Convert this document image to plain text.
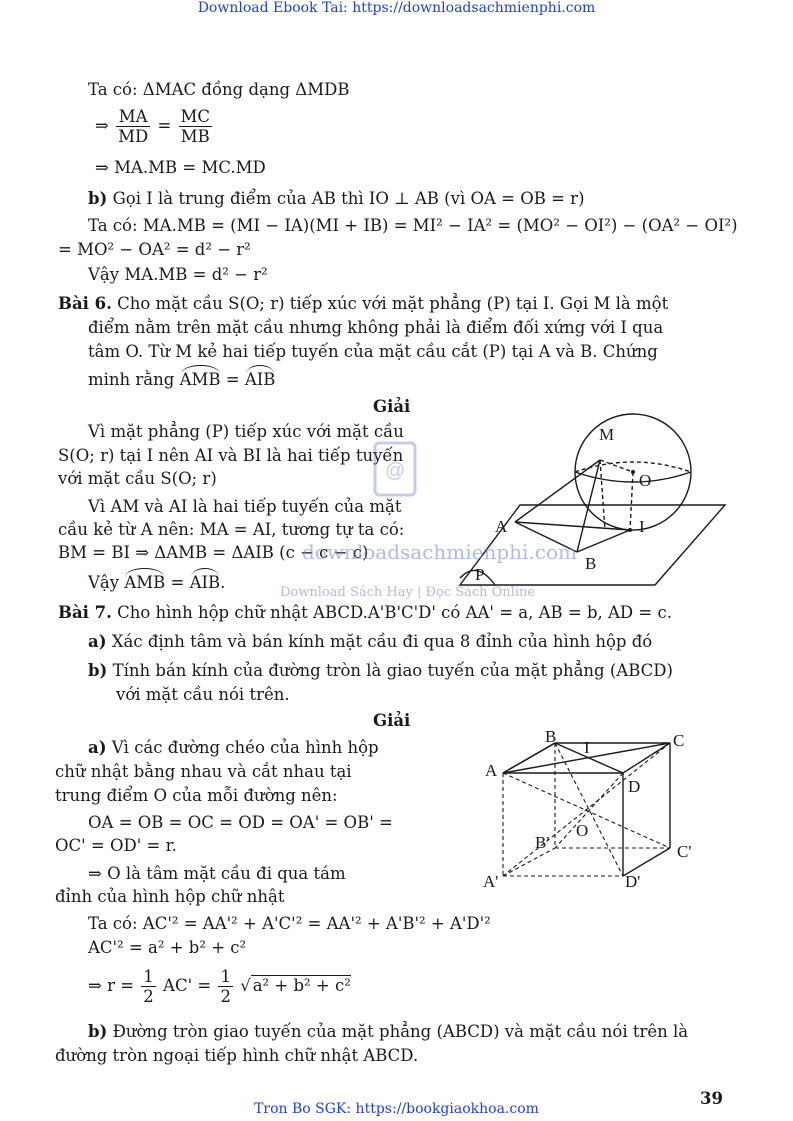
Download Ebook Tai: https://downloadsachmienphi.com
Ta có: ΔMAC đồng dạng ΔMDB
⇒ $\frac{MA}{MD} = \frac{MC}{MB}$
⇒ MA.MB = MC.MD
b) Gọi I là trung điểm của AB thì IO ⊥ AB (vì OA = OB = r)
Ta có: MA.MB = (MI − IA)(MI + IB) = MI² − IA² = (MO² − OI²) − (OA² − OI²)
= MO² − OA² = d² − r²
Vậy MA.MB = d² − r²
Bài 6. Cho mặt cầu S(O; r) tiếp xúc với mặt phẳng (P) tại I. Gọi M là một
điểm nằm trên mặt cầu nhưng không phải là điểm đối xứng với I qua
tâm O. Từ M kẻ hai tiếp tuyến của mặt cầu cắt (P) tại A và B. Chứng
minh rằng AMB = AIB
Giải
Vì mặt phẳng (P) tiếp xúc với mặt cầu
S(O; r) tại I nên AI và BI là hai tiếp tuyến
với mặt cầu S(O; r)
Vì AM và AI là hai tiếp tuyến của mặt
cầu kẻ từ A nên: MA = AI, tương tự ta có:
BM = BI ⇒ ΔAMB = ΔAIB (c − c − c)
Vậy AMB = AIB.
M
O
A	I
B
P
Bài 7. Cho hình hộp chữ nhật ABCD.A'B'C'D' có AA' = a, AB = b, AD = c.
a) Xác định tâm và bán kính mặt cầu đi qua 8 đỉnh của hình hộp đó
b) Tính bán kính của đường tròn là giao tuyến của mặt phẳng (ABCD)
với mặt cầu nói trên.
Giải
a) Vì các đường chéo của hình hộp
chữ nhật bằng nhau và cắt nhau tại
trung điểm O của mỗi đường nên:
OA = OB = OC = OD = OA' = OB' =
OC' = OD' = r.
⇒ O là tâm mặt cầu đi qua tám
đỉnh của hình hộp chữ nhật
A
B
I	C
D
O
B'	C'
A'	D'
Ta có: AC'² = AA'² + A'C'² = AA'² + A'B'² + A'D'²
AC'² = a² + b² + c²
⇒ $r = \frac{1}{2} AC' = \frac{1}{2}$ √ a² + b² + c²
b) Đường tròn giao tuyến của mặt phẳng (ABCD) và mặt cầu nói trên là
đường tròn ngoại tiếp hình chữ nhật ABCD.
39
downloadsachmienphi.com
Download Sách Hay | Đọc Sách Online
@
Tron Bo SGK: https://bookgiaokhoa.com
